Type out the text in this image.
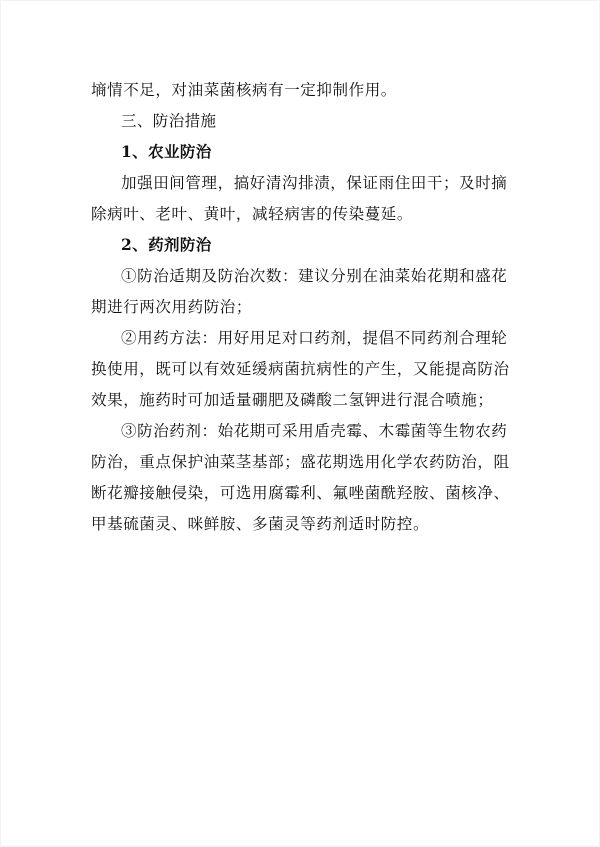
墒情不足，对油菜菌核病有一定抑制作用。
三、防治措施
1、农业防治
加强田间管理，搞好清沟排渍，保证雨住田干；及时摘
除病叶、老叶、黄叶，减轻病害的传染蔓延。
2、药剂防治
①防治适期及防治次数：建议分别在油菜始花期和盛花
期进行两次用药防治；
②用药方法：用好用足对口药剂，提倡不同药剂合理轮
换使用，既可以有效延缓病菌抗病性的产生，又能提高防治
效果，施药时可加适量硼肥及磷酸二氢钾进行混合喷施；
③防治药剂：始花期可采用盾壳霉、木霉菌等生物农药
防治，重点保护油菜茎基部；盛花期选用化学农药防治，阻
断花瓣接触侵染，可选用腐霉利、氟唑菌酰羟胺、菌核净、
甲基硫菌灵、咪鲜胺、多菌灵等药剂适时防控。
